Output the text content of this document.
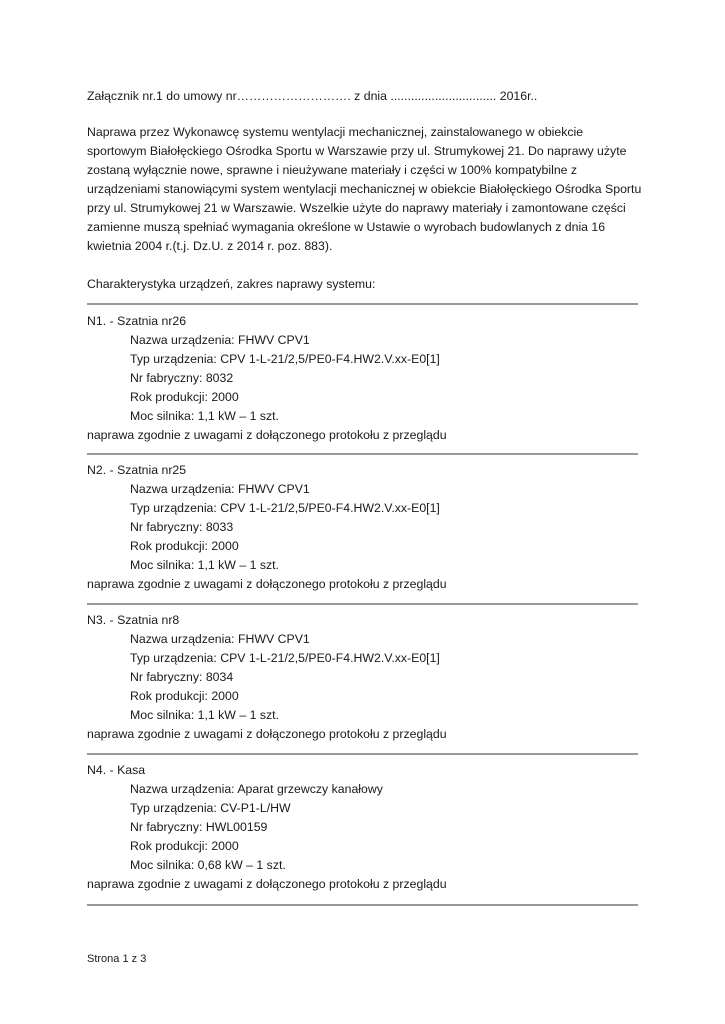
Załącznik nr.1 do umowy nr………………………. z dnia ............................... 2016r..
Naprawa przez Wykonawcę systemu wentylacji mechanicznej, zainstalowanego w obiekcie
sportowym Białołęckiego Ośrodka Sportu w Warszawie przy ul. Strumykowej 21. Do naprawy użyte
zostaną wyłącznie nowe, sprawne i nieużywane materiały i części w 100% kompatybilne z
urządzeniami stanowiącymi system wentylacji mechanicznej w obiekcie Białołęckiego Ośrodka Sportu
przy ul. Strumykowej 21 w Warszawie. Wszelkie użyte do naprawy materiały i zamontowane części
zamienne muszą spełniać wymagania określone w Ustawie o wyrobach budowlanych z dnia 16
kwietnia 2004 r.(t.j. Dz.U. z 2014 r. poz. 883).
Charakterystyka urządzeń, zakres naprawy systemu:
N1. - Szatnia nr26
Nazwa urządzenia: FHWV CPV1
Typ urządzenia: CPV 1-L-21/2,5/PE0-F4.HW2.V.xx-E0[1]
Nr fabryczny: 8032
Rok produkcji: 2000
Moc silnika: 1,1 kW – 1 szt.
naprawa zgodnie z uwagami z dołączonego protokołu z przeglądu
N2. - Szatnia nr25
Nazwa urządzenia: FHWV CPV1
Typ urządzenia: CPV 1-L-21/2,5/PE0-F4.HW2.V.xx-E0[1]
Nr fabryczny: 8033
Rok produkcji: 2000
Moc silnika: 1,1 kW – 1 szt.
naprawa zgodnie z uwagami z dołączonego protokołu z przeglądu
N3. - Szatnia nr8
Nazwa urządzenia: FHWV CPV1
Typ urządzenia: CPV 1-L-21/2,5/PE0-F4.HW2.V.xx-E0[1]
Nr fabryczny: 8034
Rok produkcji: 2000
Moc silnika: 1,1 kW – 1 szt.
naprawa zgodnie z uwagami z dołączonego protokołu z przeglądu
N4. - Kasa
Nazwa urządzenia: Aparat grzewczy kanałowy
Typ urządzenia: CV-P1-L/HW
Nr fabryczny: HWL00159
Rok produkcji: 2000
Moc silnika: 0,68 kW – 1 szt.
naprawa zgodnie z uwagami z dołączonego protokołu z przeglądu
Strona 1 z 3
